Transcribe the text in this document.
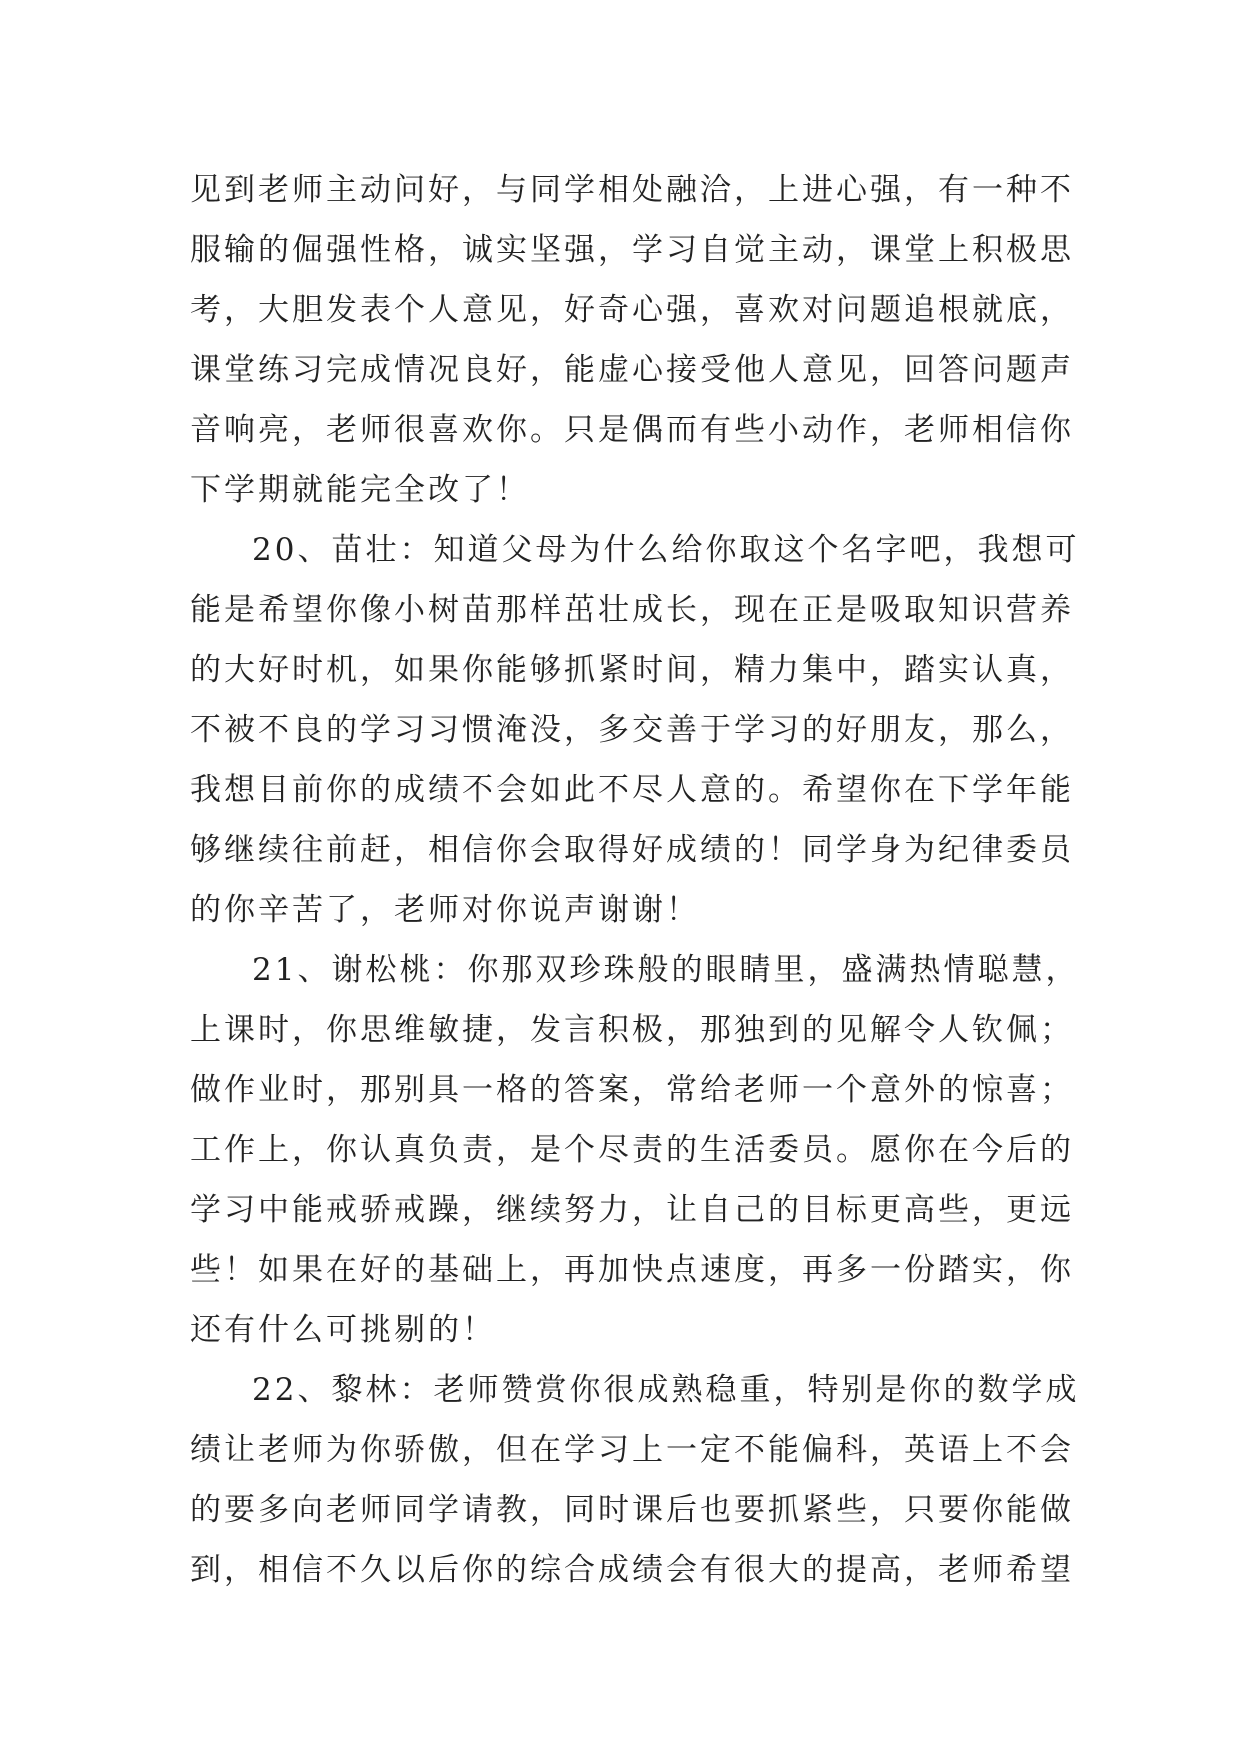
见到老师主动问好，与同学相处融洽，上进心强，有一种不
服输的倔强性格，诚实坚强，学习自觉主动，课堂上积极思
考，大胆发表个人意见，好奇心强，喜欢对问题追根就底，
课堂练习完成情况良好，能虚心接受他人意见，回答问题声
音响亮，老师很喜欢你。只是偶而有些小动作，老师相信你
下学期就能完全改了！
20、苗壮：知道父母为什么给你取这个名字吧，我想可
能是希望你像小树苗那样茁壮成长，现在正是吸取知识营养
的大好时机，如果你能够抓紧时间，精力集中，踏实认真，
不被不良的学习习惯淹没，多交善于学习的好朋友，那么，
我想目前你的成绩不会如此不尽人意的。希望你在下学年能
够继续往前赶，相信你会取得好成绩的！同学身为纪律委员
的你辛苦了，老师对你说声谢谢！
21、谢松桃：你那双珍珠般的眼睛里，盛满热情聪慧，
上课时，你思维敏捷，发言积极，那独到的见解令人钦佩；
做作业时，那别具一格的答案，常给老师一个意外的惊喜；
工作上，你认真负责，是个尽责的生活委员。愿你在今后的
学习中能戒骄戒躁，继续努力，让自己的目标更高些，更远
些！如果在好的基础上，再加快点速度，再多一份踏实，你
还有什么可挑剔的！
22、黎林：老师赞赏你很成熟稳重，特别是你的数学成
绩让老师为你骄傲，但在学习上一定不能偏科，英语上不会
的要多向老师同学请教，同时课后也要抓紧些，只要你能做
到，相信不久以后你的综合成绩会有很大的提高，老师希望
